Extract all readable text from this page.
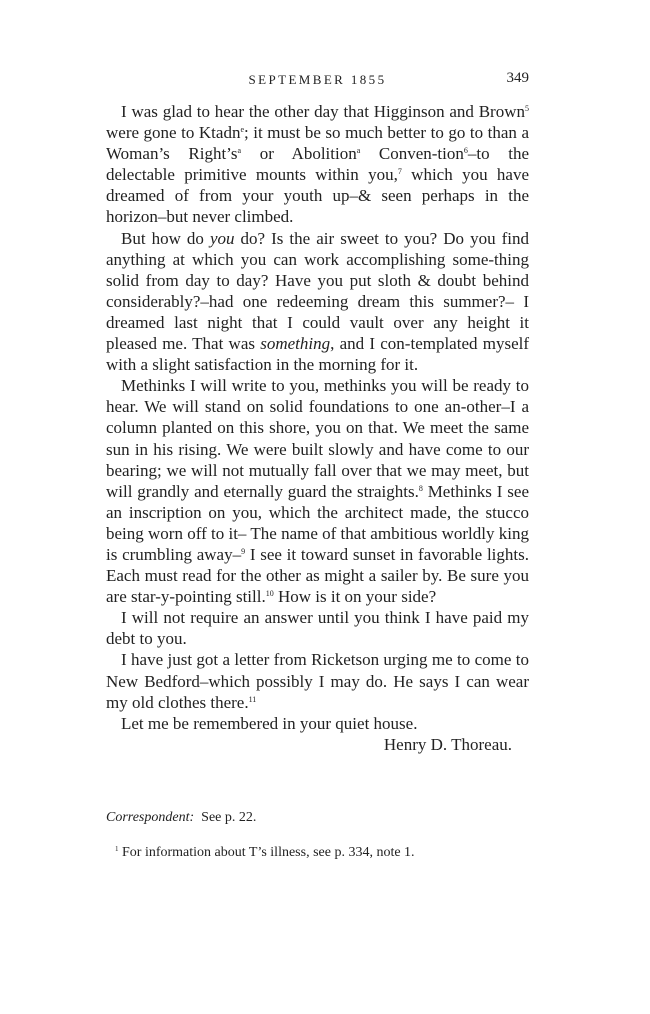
SEPTEMBER 1855	349

I was glad to hear the other day that Higginson and Brown$^5$ were gone to Ktadn$^e$; it must be so much better to go to than a Woman’s $Right’s^a$ or Abolition$^a$ Conven-tion$^6$–to the delectable primitive mounts within you,$^7$ which you have dreamed of from your youth up–& seen perhaps in the horizon–but never climbed.

But how do you do? Is the air sweet to you? Do you find anything at which you can work accomplishing some-thing solid from day to day? Have you put sloth & doubt behind considerably?–had one redeeming dream this summer?– I dreamed last night that I could vault over any height it pleased me. That was something, and I con-templated myself with a slight satisfaction in the morning for it.

Methinks I will write to you, methinks you will be ready to hear. We will stand on solid foundations to one an-other–I a column planted on this shore, you on that. We meet the same sun in his rising. We were built slowly and have come to our bearing; we will not mutually fall over that we may meet, but will grandly and eternally guard the straights.$^8$ Methinks I see an inscription on you, which the architect made, the stucco being worn off to it– The name of that ambitious worldly king is crumbling away–$^9$ I see it toward sunset in favorable lights. Each must read for the other as might a sailer by. Be sure you are star-y-pointing still.$^{10}$ How is it on your side?

I will not require an answer until you think I have paid my debt to you.

I have just got a letter from Ricketson urging me to come to New Bedford–which possibly I may do. He says I can wear my old clothes there.$^{11}$

Let me be remembered in your quiet house.

Henry D. Thoreau.

Correspondent: See p. 22.
$^1$ For information about T’s illness, see p. 334, note 1.
